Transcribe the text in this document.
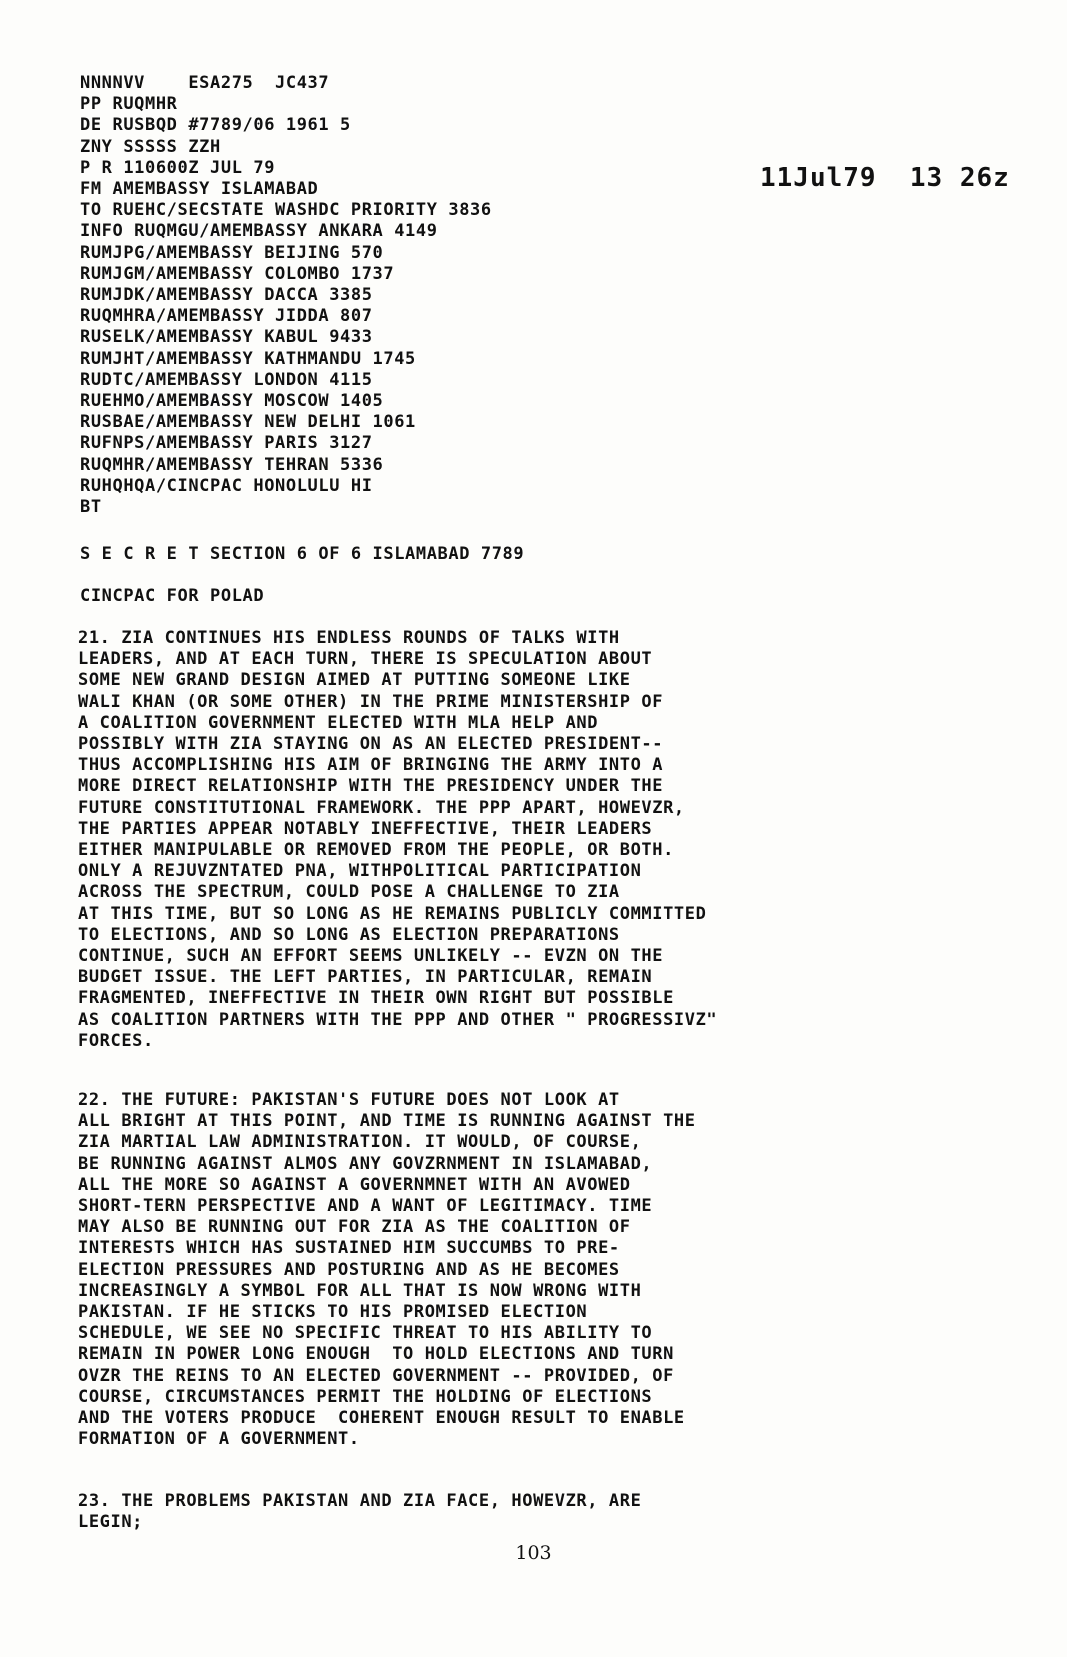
NNNNVV    ESA275  JC437
PP RUQMHR
DE RUSBQD #7789/06 1961 5
ZNY SSSSS ZZH
P R 110600Z JUL 79
FM AMEMBASSY ISLAMABAD
TO RUEHC/SECSTATE WASHDC PRIORITY 3836
INFO RUQMGU/AMEMBASSY ANKARA 4149
RUMJPG/AMEMBASSY BEIJING 570
RUMJGM/AMEMBASSY COLOMBO 1737
RUMJDK/AMEMBASSY DACCA 3385
RUQMHRA/AMEMBASSY JIDDA 807
RUSELK/AMEMBASSY KABUL 9433
RUMJHT/AMEMBASSY KATHMANDU 1745
RUDTC/AMEMBASSY LONDON 4115
RUEHMO/AMEMBASSY MOSCOW 1405
RUSBAE/AMEMBASSY NEW DELHI 1061
RUFNPS/AMEMBASSY PARIS 3127
RUQMHR/AMEMBASSY TEHRAN 5336
RUHQHQA/CINCPAC HONOLULU HI
BT
11Jul79  13 26z
S E C R E T SECTION 6 OF 6 ISLAMABAD 7789
CINCPAC FOR POLAD
21. ZIA CONTINUES HIS ENDLESS ROUNDS OF TALKS WITH
LEADERS, AND AT EACH TURN, THERE IS SPECULATION ABOUT
SOME NEW GRAND DESIGN AIMED AT PUTTING SOMEONE LIKE
WALI KHAN (OR SOME OTHER) IN THE PRIME MINISTERSHIP OF
A COALITION GOVERNMENT ELECTED WITH MLA HELP AND
POSSIBLY WITH ZIA STAYING ON AS AN ELECTED PRESIDENT--
THUS ACCOMPLISHING HIS AIM OF BRINGING THE ARMY INTO A
MORE DIRECT RELATIONSHIP WITH THE PRESIDENCY UNDER THE
FUTURE CONSTITUTIONAL FRAMEWORK. THE PPP APART, HOWEVZR,
THE PARTIES APPEAR NOTABLY INEFFECTIVE, THEIR LEADERS
EITHER MANIPULABLE OR REMOVED FROM THE PEOPLE, OR BOTH.
ONLY A REJUVZNTATED PNA, WITHPOLITICAL PARTICIPATION
ACROSS THE SPECTRUM, COULD POSE A CHALLENGE TO ZIA
AT THIS TIME, BUT SO LONG AS HE REMAINS PUBLICLY COMMITTED
TO ELECTIONS, AND SO LONG AS ELECTION PREPARATIONS
CONTINUE, SUCH AN EFFORT SEEMS UNLIKELY -- EVZN ON THE
BUDGET ISSUE. THE LEFT PARTIES, IN PARTICULAR, REMAIN
FRAGMENTED, INEFFECTIVE IN THEIR OWN RIGHT BUT POSSIBLE
AS COALITION PARTNERS WITH THE PPP AND OTHER " PROGRESSIVZ"
FORCES.
22. THE FUTURE: PAKISTAN'S FUTURE DOES NOT LOOK AT
ALL BRIGHT AT THIS POINT, AND TIME IS RUNNING AGAINST THE
ZIA MARTIAL LAW ADMINISTRATION. IT WOULD, OF COURSE,
BE RUNNING AGAINST ALMOS ANY GOVZRNMENT IN ISLAMABAD,
ALL THE MORE SO AGAINST A GOVERNMNET WITH AN AVOWED
SHORT-TERN PERSPECTIVE AND A WANT OF LEGITIMACY. TIME
MAY ALSO BE RUNNING OUT FOR ZIA AS THE COALITION OF
INTERESTS WHICH HAS SUSTAINED HIM SUCCUMBS TO PRE-
ELECTION PRESSURES AND POSTURING AND AS HE BECOMES
INCREASINGLY A SYMBOL FOR ALL THAT IS NOW WRONG WITH
PAKISTAN. IF HE STICKS TO HIS PROMISED ELECTION
SCHEDULE, WE SEE NO SPECIFIC THREAT TO HIS ABILITY TO
REMAIN IN POWER LONG ENOUGH  TO HOLD ELECTIONS AND TURN
OVZR THE REINS TO AN ELECTED GOVERNMENT -- PROVIDED, OF
COURSE, CIRCUMSTANCES PERMIT THE HOLDING OF ELECTIONS
AND THE VOTERS PRODUCE  COHERENT ENOUGH RESULT TO ENABLE
FORMATION OF A GOVERNMENT.
23. THE PROBLEMS PAKISTAN AND ZIA FACE, HOWEVZR, ARE
LEGIN;
103
